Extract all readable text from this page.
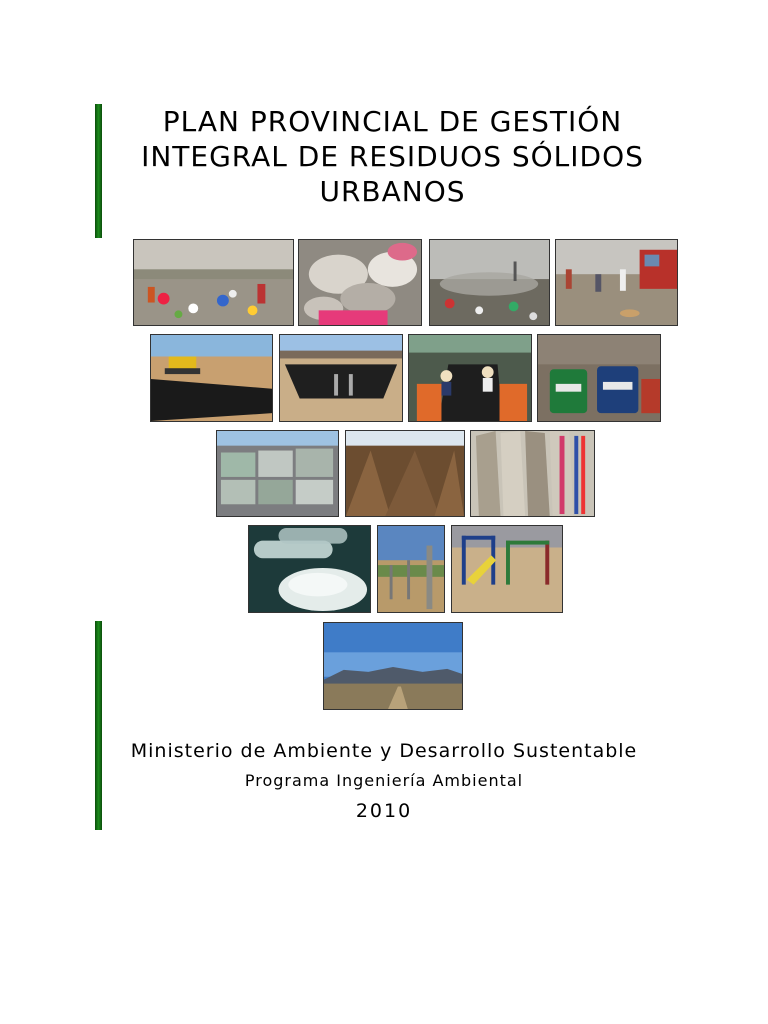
PLAN PROVINCIAL DE GESTIÓN
INTEGRAL DE RESIDUOS SÓLIDOS
URBANOS
Ministerio de Ambiente y Desarrollo Sustentable
Programa Ingeniería Ambiental
2010
